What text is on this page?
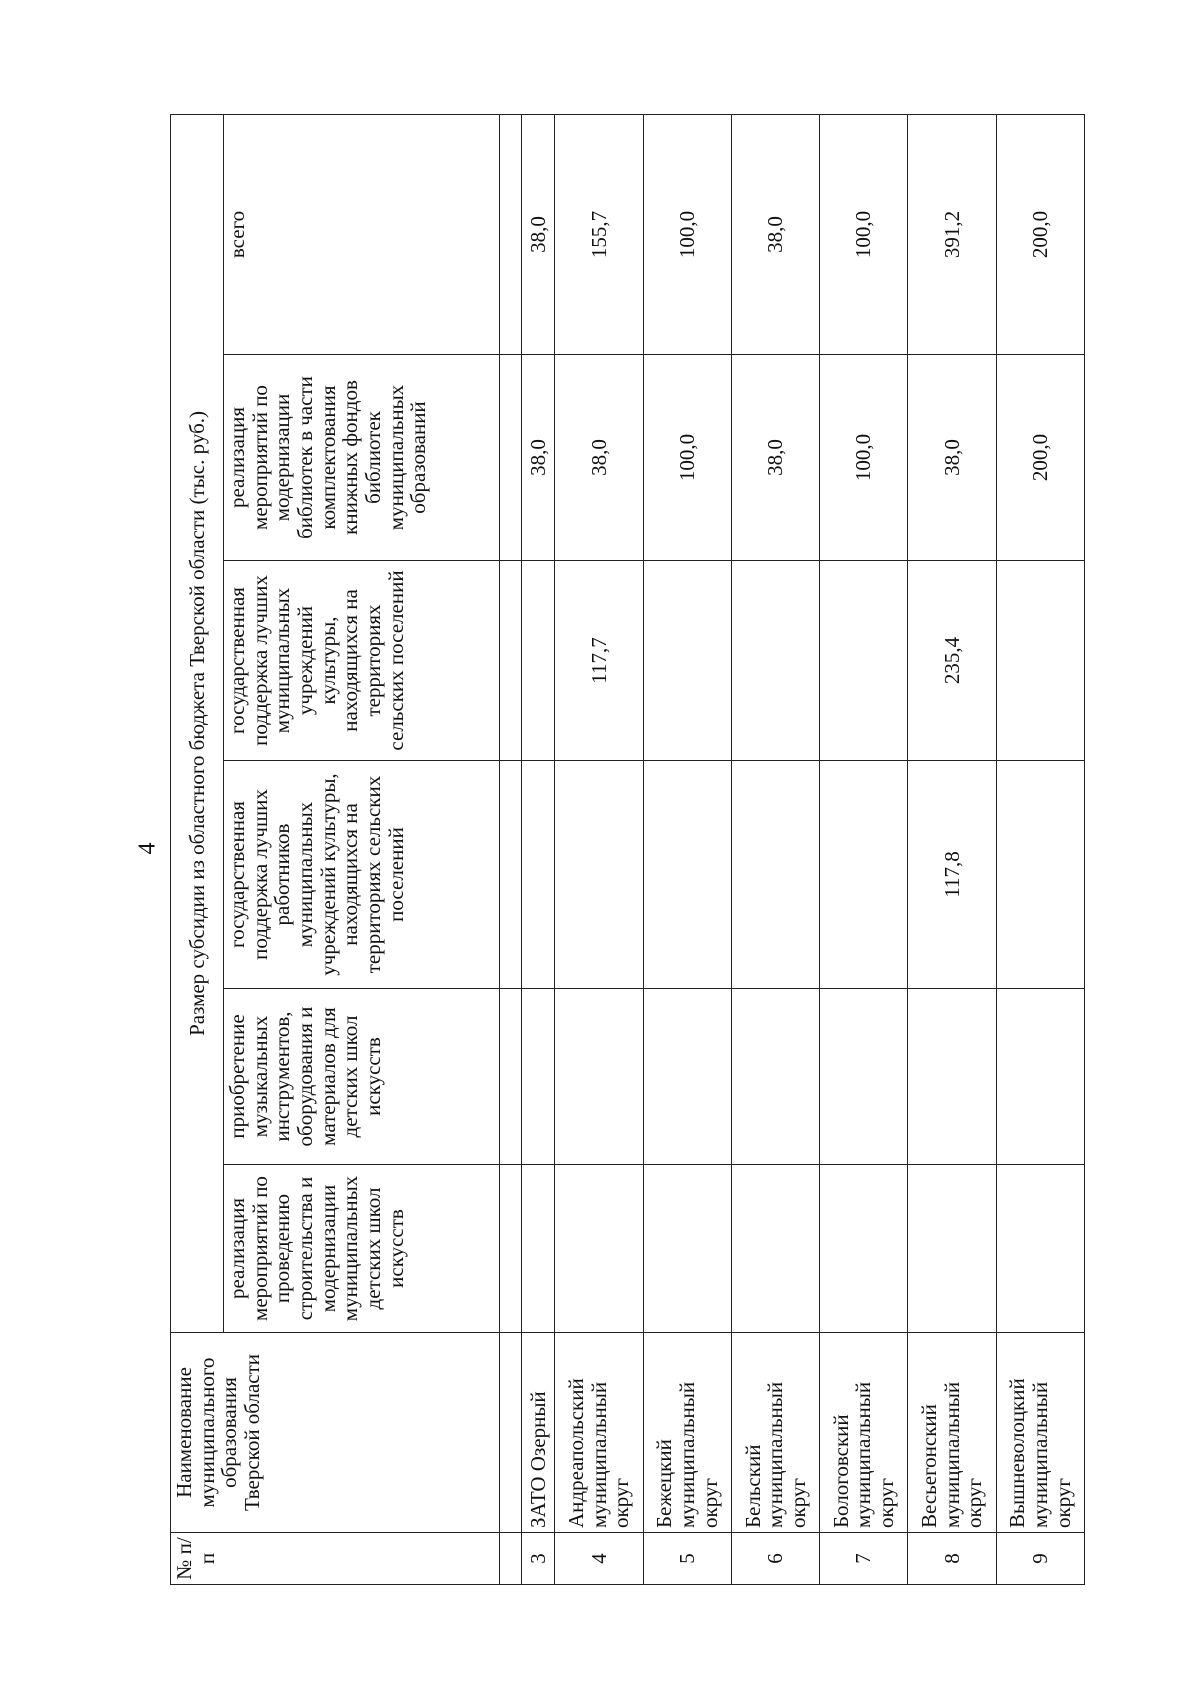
4
№ п/п	Наименование муниципального образования Тверской области	Размер субсидии из областного бюджета Тверской области (тыс. руб.)					
		реализация мероприятий по проведению строительства и модернизации муниципальных детских школ искусств	приобретение музыкальных инструментов, оборудования и материалов для детских школ искусств	государственная поддержка лучших работников муниципальных учреждений культуры, находящихся на территориях сельских поселений	государственная поддержка лучших муниципальных учреждений культуры, находящихся на территориях сельских поселений	реализация мероприятий по модернизации библиотек в части комплектования книжных фондов библиотек муниципальных образований	всего

3	ЗАТО Озерный					38,0	38,0
4	Андреапольский муниципальный округ				117,7	38,0	155,7
5	Бежецкий муниципальный округ					100,0	100,0
6	Бельский муниципальный округ					38,0	38,0
7	Бологовский муниципальный округ					100,0	100,0
8	Весьегонский муниципальный округ			117,8	235,4	38,0	391,2
9	Вышневолоцкий муниципальный округ					200,0	200,0
